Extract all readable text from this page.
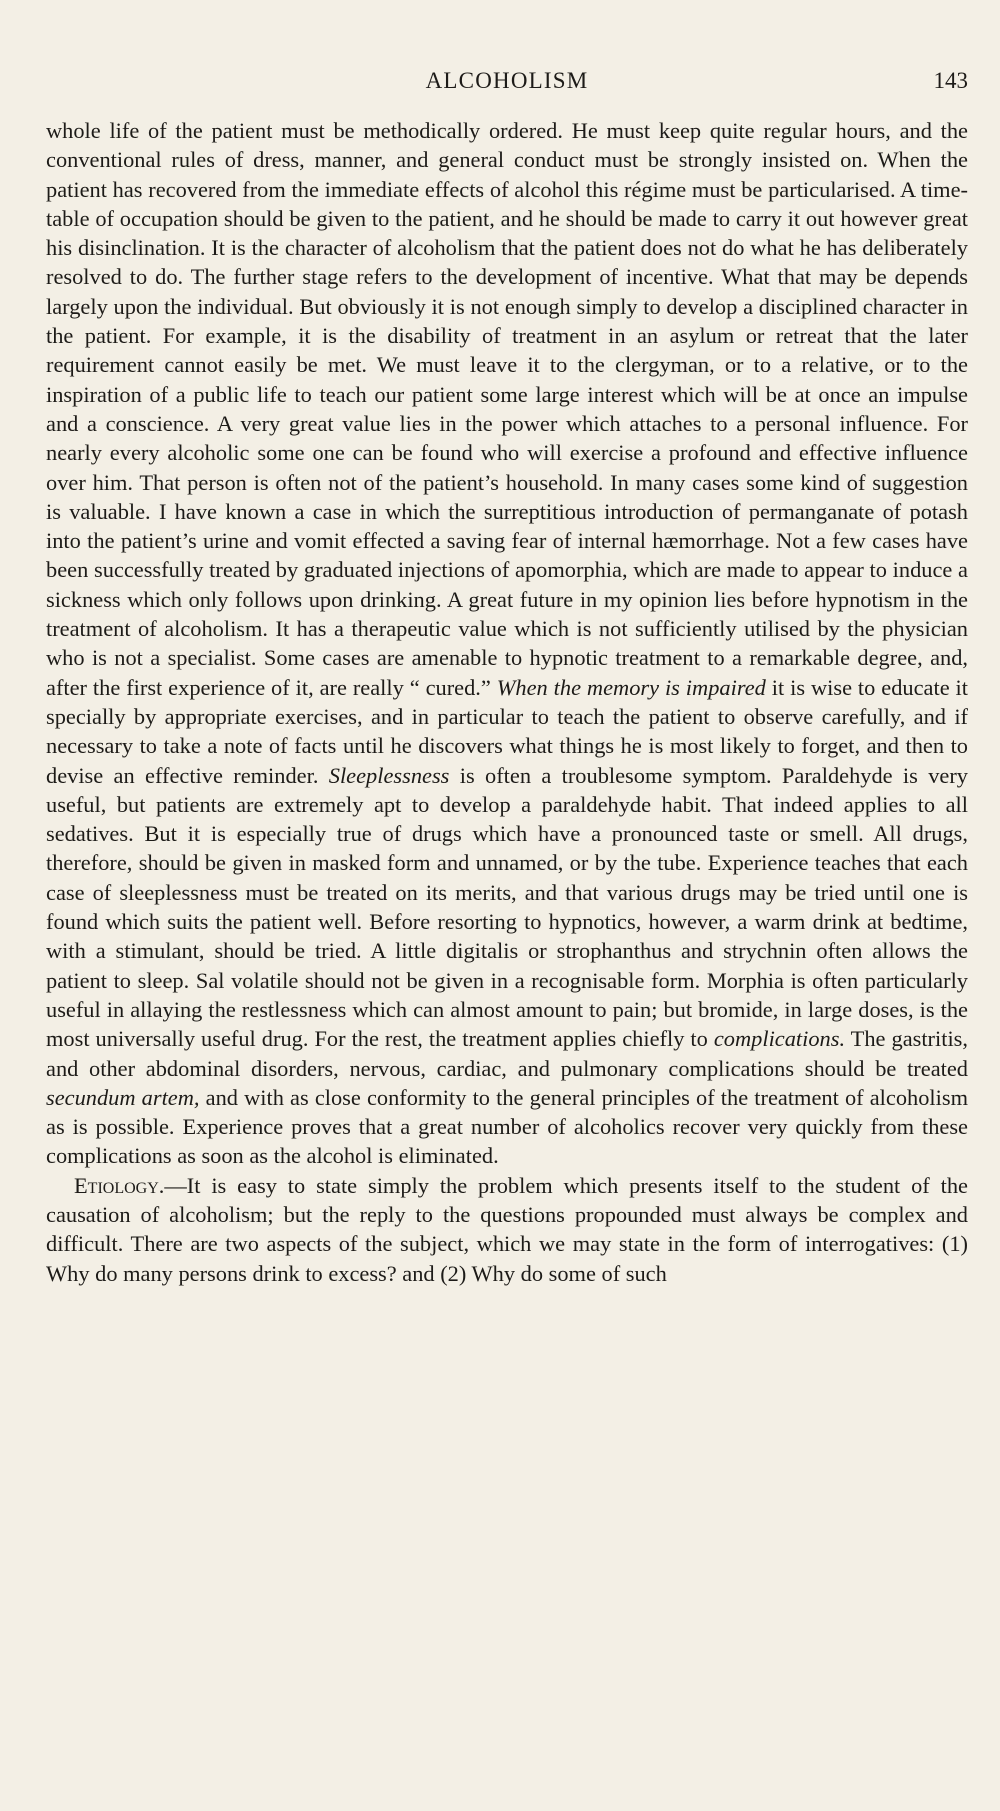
ALCOHOLISM	143

whole life of the patient must be methodically ordered. He must keep quite regular hours, and the conventional rules of dress, manner, and general conduct must be strongly insisted on. When the patient has recovered from the immediate effects of alcohol this régime must be particularised. A time-table of occupation should be given to the patient, and he should be made to carry it out however great his disinclination. It is the character of alcoholism that the patient does not do what he has deliberately resolved to do. The further stage refers to the development of incentive. What that may be depends largely upon the individual. But obviously it is not enough simply to develop a disciplined character in the patient. For example, it is the disability of treatment in an asylum or retreat that the later requirement cannot easily be met. We must leave it to the clergyman, or to a relative, or to the inspiration of a public life to teach our patient some large interest which will be at once an impulse and a conscience. A very great value lies in the power which attaches to a personal influence. For nearly every alcoholic some one can be found who will exercise a profound and effective influence over him. That person is often not of the patient’s household. In many cases some kind of suggestion is valuable. I have known a case in which the surreptitious introduction of permanganate of potash into the patient’s urine and vomit effected a saving fear of internal hæmorrhage. Not a few cases have been successfully treated by graduated injections of apomorphia, which are made to appear to induce a sickness which only follows upon drinking. A great future in my opinion lies before hypnotism in the treatment of alcoholism. It has a therapeutic value which is not sufficiently utilised by the physician who is not a specialist. Some cases are amenable to hypnotic treatment to a remarkable degree, and, after the first experience of it, are really “ cured.” When the memory is impaired it is wise to educate it specially by appropriate exercises, and in particular to teach the patient to observe carefully, and if necessary to take a note of facts until he discovers what things he is most likely to forget, and then to devise an effective reminder. Sleeplessness is often a troublesome symptom. Paraldehyde is very useful, but patients are extremely apt to develop a paraldehyde habit. That indeed applies to all sedatives. But it is especially true of drugs which have a pronounced taste or smell. All drugs, therefore, should be given in masked form and unnamed, or by the tube. Experience teaches that each case of sleeplessness must be treated on its merits, and that various drugs may be tried until one is found which suits the patient well. Before resorting to hypnotics, however, a warm drink at bedtime, with a stimulant, should be tried. A little digitalis or strophanthus and strychnin often allows the patient to sleep. Sal volatile should not be given in a recognisable form. Morphia is often particularly useful in allaying the restlessness which can almost amount to pain; but bromide, in large doses, is the most universally useful drug. For the rest, the treatment applies chiefly to complications. The gastritis, and other abdominal disorders, nervous, cardiac, and pulmonary complications should be treated secundum artem, and with as close conformity to the general principles of the treatment of alcoholism as is possible. Experience proves that a great number of alcoholics recover very quickly from these complications as soon as the alcohol is eliminated.

Etiology.—It is easy to state simply the problem which presents itself to the student of the causation of alcoholism; but the reply to the questions propounded must always be complex and difficult. There are two aspects of the subject, which we may state in the form of interrogatives: (1) Why do many persons drink to excess? and (2) Why do some of such
